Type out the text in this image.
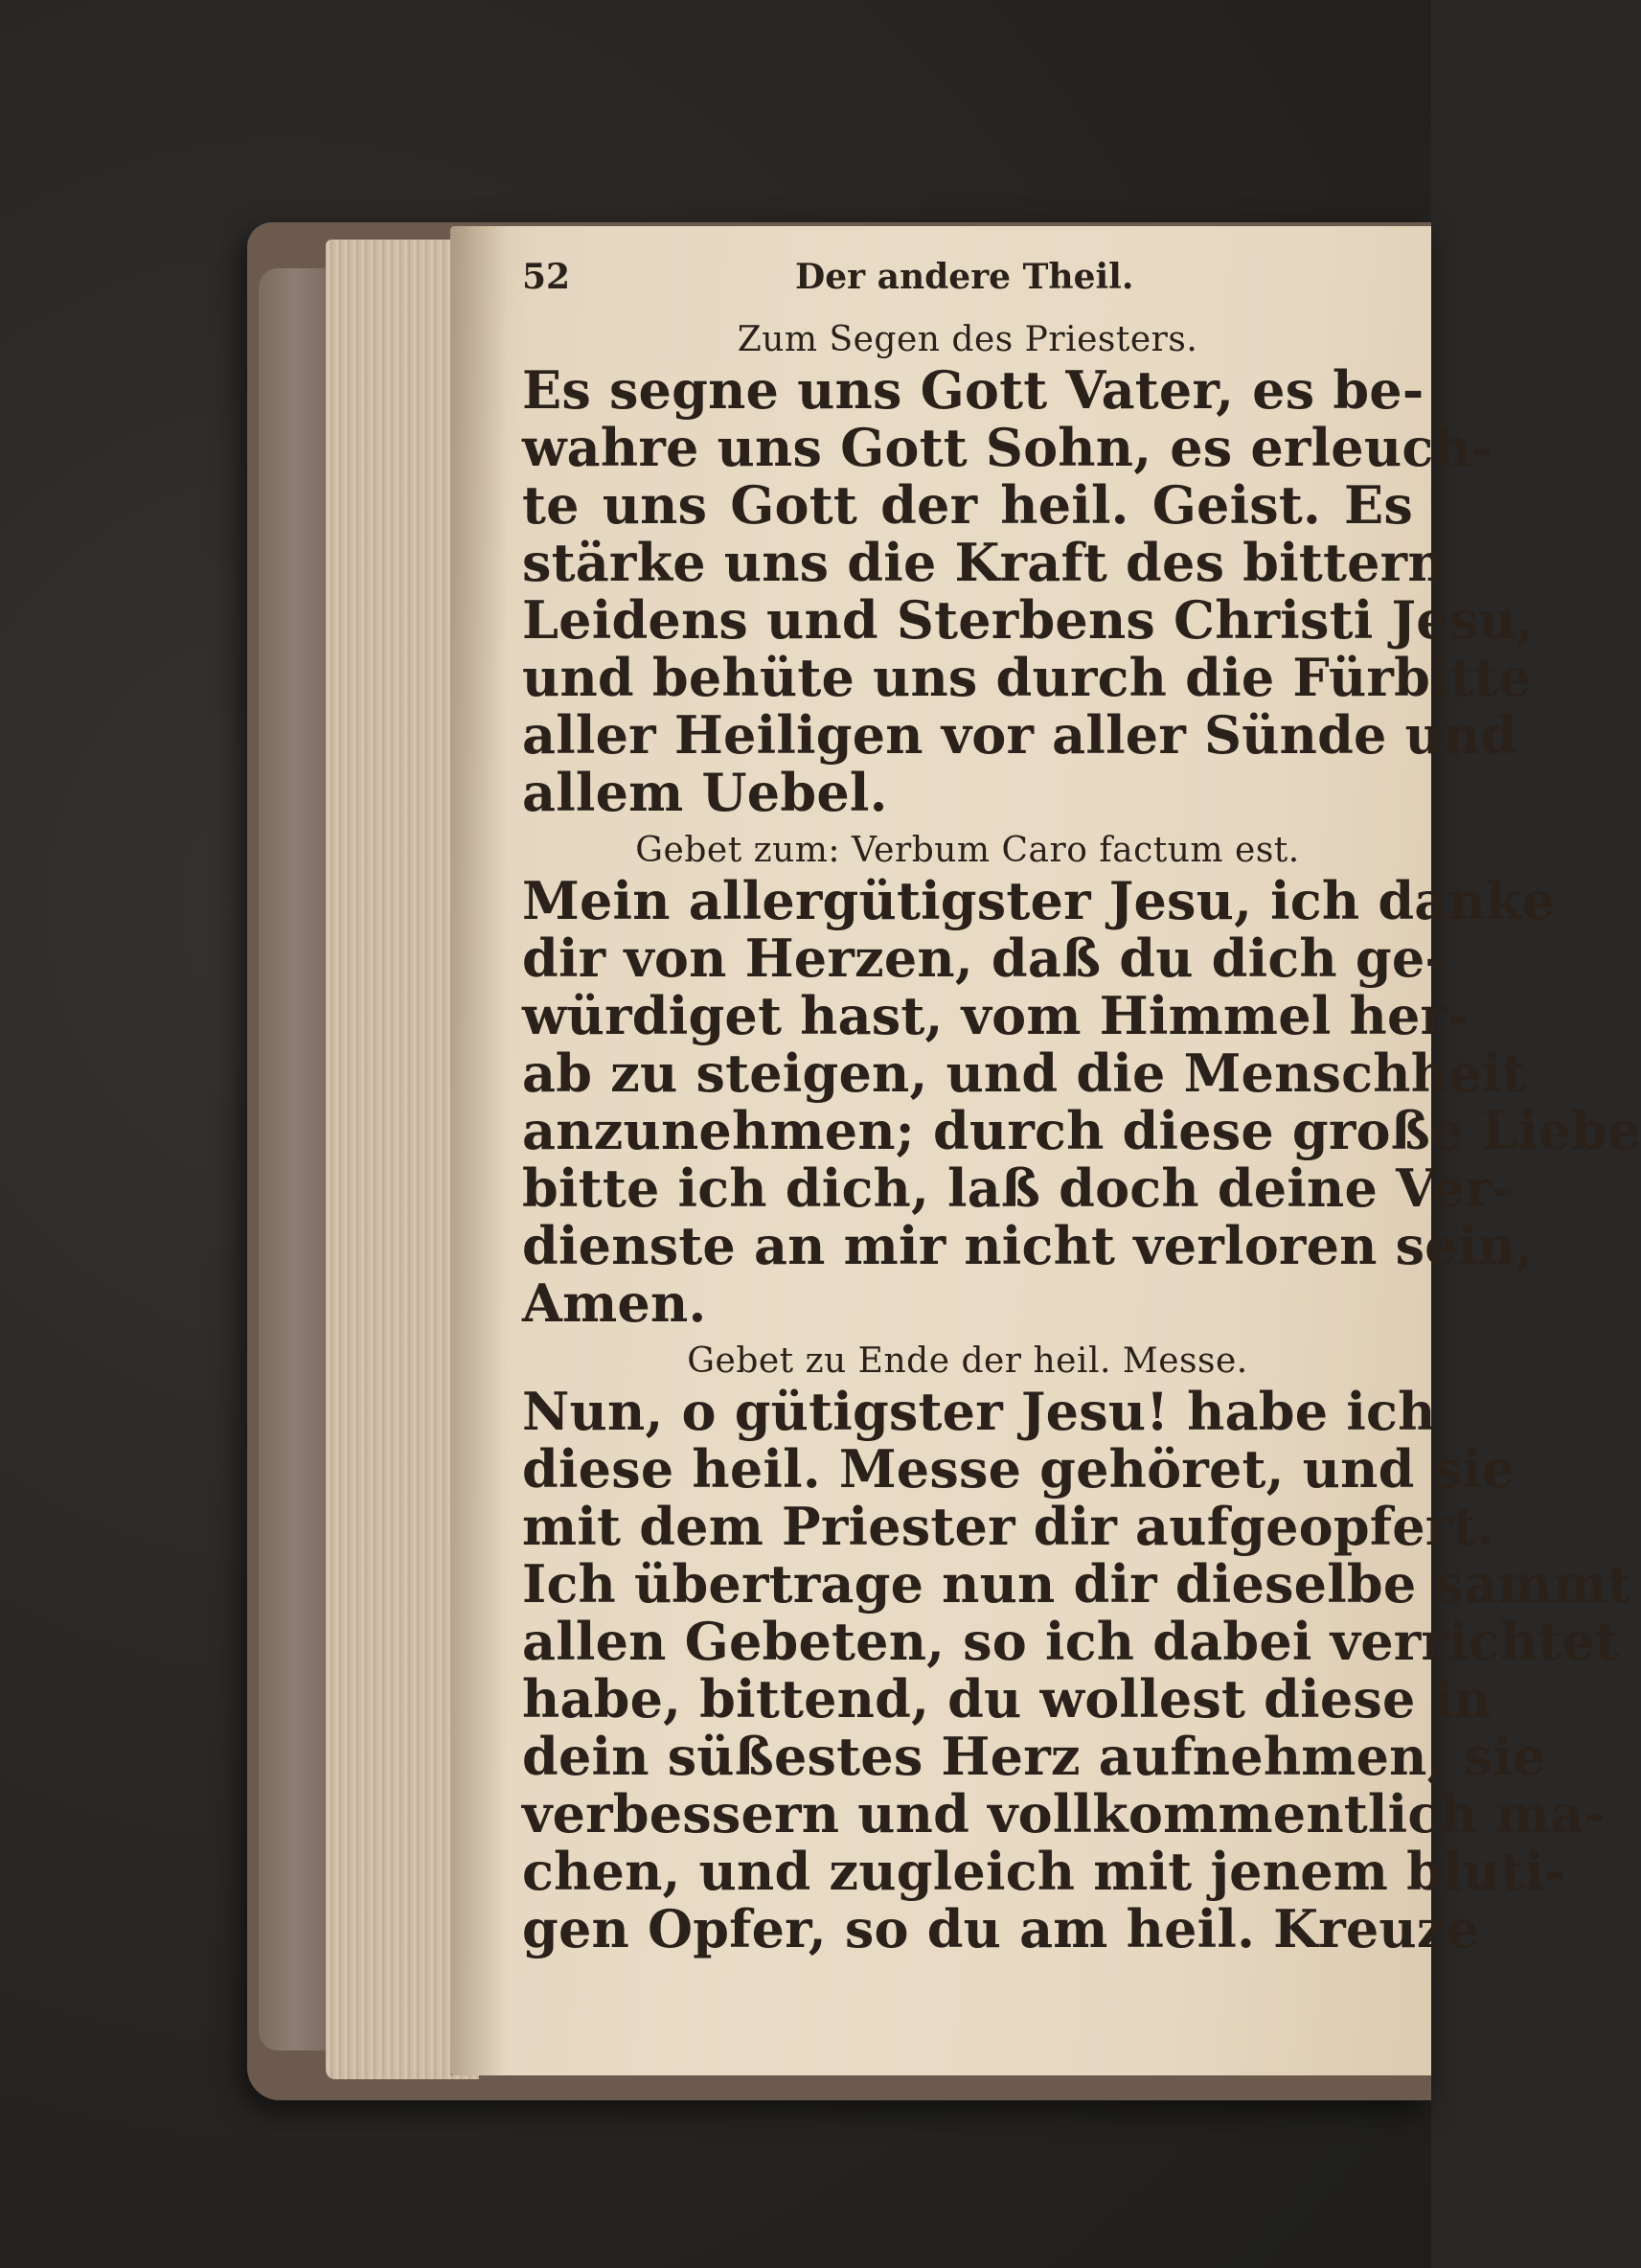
52	Der andere Theil.
Zum Segen des Priesters.
Es segne uns Gott Vater, es be-
wahre uns Gott Sohn, es erleuch-
te uns Gott der heil. Geist. Es
stärke uns die Kraft des bittern
Leidens und Sterbens Christi Jesu,
und behüte uns durch die Fürbitte
aller Heiligen vor aller Sünde und
allem Uebel.
Gebet zum: Verbum Caro factum est.
Mein allergütigster Jesu, ich danke
dir von Herzen, daß du dich ge-
würdiget hast, vom Himmel her-
ab zu steigen, und die Menschheit
anzunehmen; durch diese große Liebe
bitte ich dich, laß doch deine Ver-
dienste an mir nicht verloren sein,
Amen.
Gebet zu Ende der heil. Messe.
Nun, o gütigster Jesu! habe ich
diese heil. Messe gehöret, und sie
mit dem Priester dir aufgeopfert.
Ich übertrage nun dir dieselbe sammt
allen Gebeten, so ich dabei verrichtet
habe, bittend, du wollest diese in
dein süßestes Herz aufnehmen, sie
verbessern und vollkommentlich ma-
chen, und zugleich mit jenem bluti-
gen Opfer, so du am heil. Kreuze
